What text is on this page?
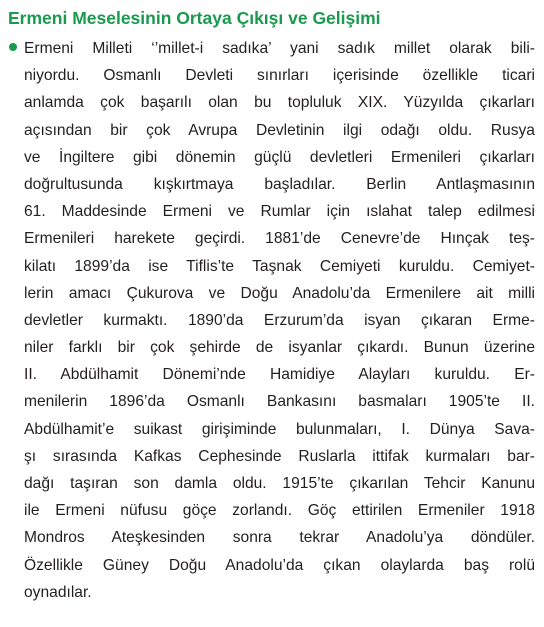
Ermeni Meselesinin Ortaya Çıkışı ve Gelişimi
Ermeni Milleti ‘’millet-i sadıka’ yani sadık millet olarak bili-
niyordu. Osmanlı Devleti sınırları içerisinde özellikle ticari
anlamda çok başarılı olan bu topluluk XIX. Yüzyılda çıkarları
açısından bir çok Avrupa Devletinin ilgi odağı oldu. Rusya
ve İngiltere gibi dönemin güçlü devletleri Ermenileri çıkarları
doğrultusunda kışkırtmaya başladılar. Berlin Antlaşmasının
61. Maddesinde Ermeni ve Rumlar için ıslahat talep edilmesi
Ermenileri harekete geçirdi. 1881’de Cenevre’de Hınçak teş-
kilatı 1899’da ise Tiflis’te Taşnak Cemiyeti kuruldu. Cemiyet-
lerin amacı Çukurova ve Doğu Anadolu’da Ermenilere ait milli
devletler kurmaktı. 1890’da Erzurum’da isyan çıkaran Erme-
niler farklı bir çok şehirde de isyanlar çıkardı. Bunun üzerine
II. Abdülhamit Dönemi’nde Hamidiye Alayları kuruldu. Er-
menilerin 1896’da Osmanlı Bankasını basmaları 1905’te II.
Abdülhamit’e suikast girişiminde bulunmaları, I. Dünya Sava-
şı sırasında Kafkas Cephesinde Ruslarla ittifak kurmaları bar-
dağı taşıran son damla oldu. 1915’te çıkarılan Tehcir Kanunu
ile Ermeni nüfusu göçe zorlandı. Göç ettirilen Ermeniler 1918
Mondros Ateşkesinden sonra tekrar Anadolu’ya döndüler.
Özellikle Güney Doğu Anadolu’da çıkan olaylarda baş rolü
oynadılar.
